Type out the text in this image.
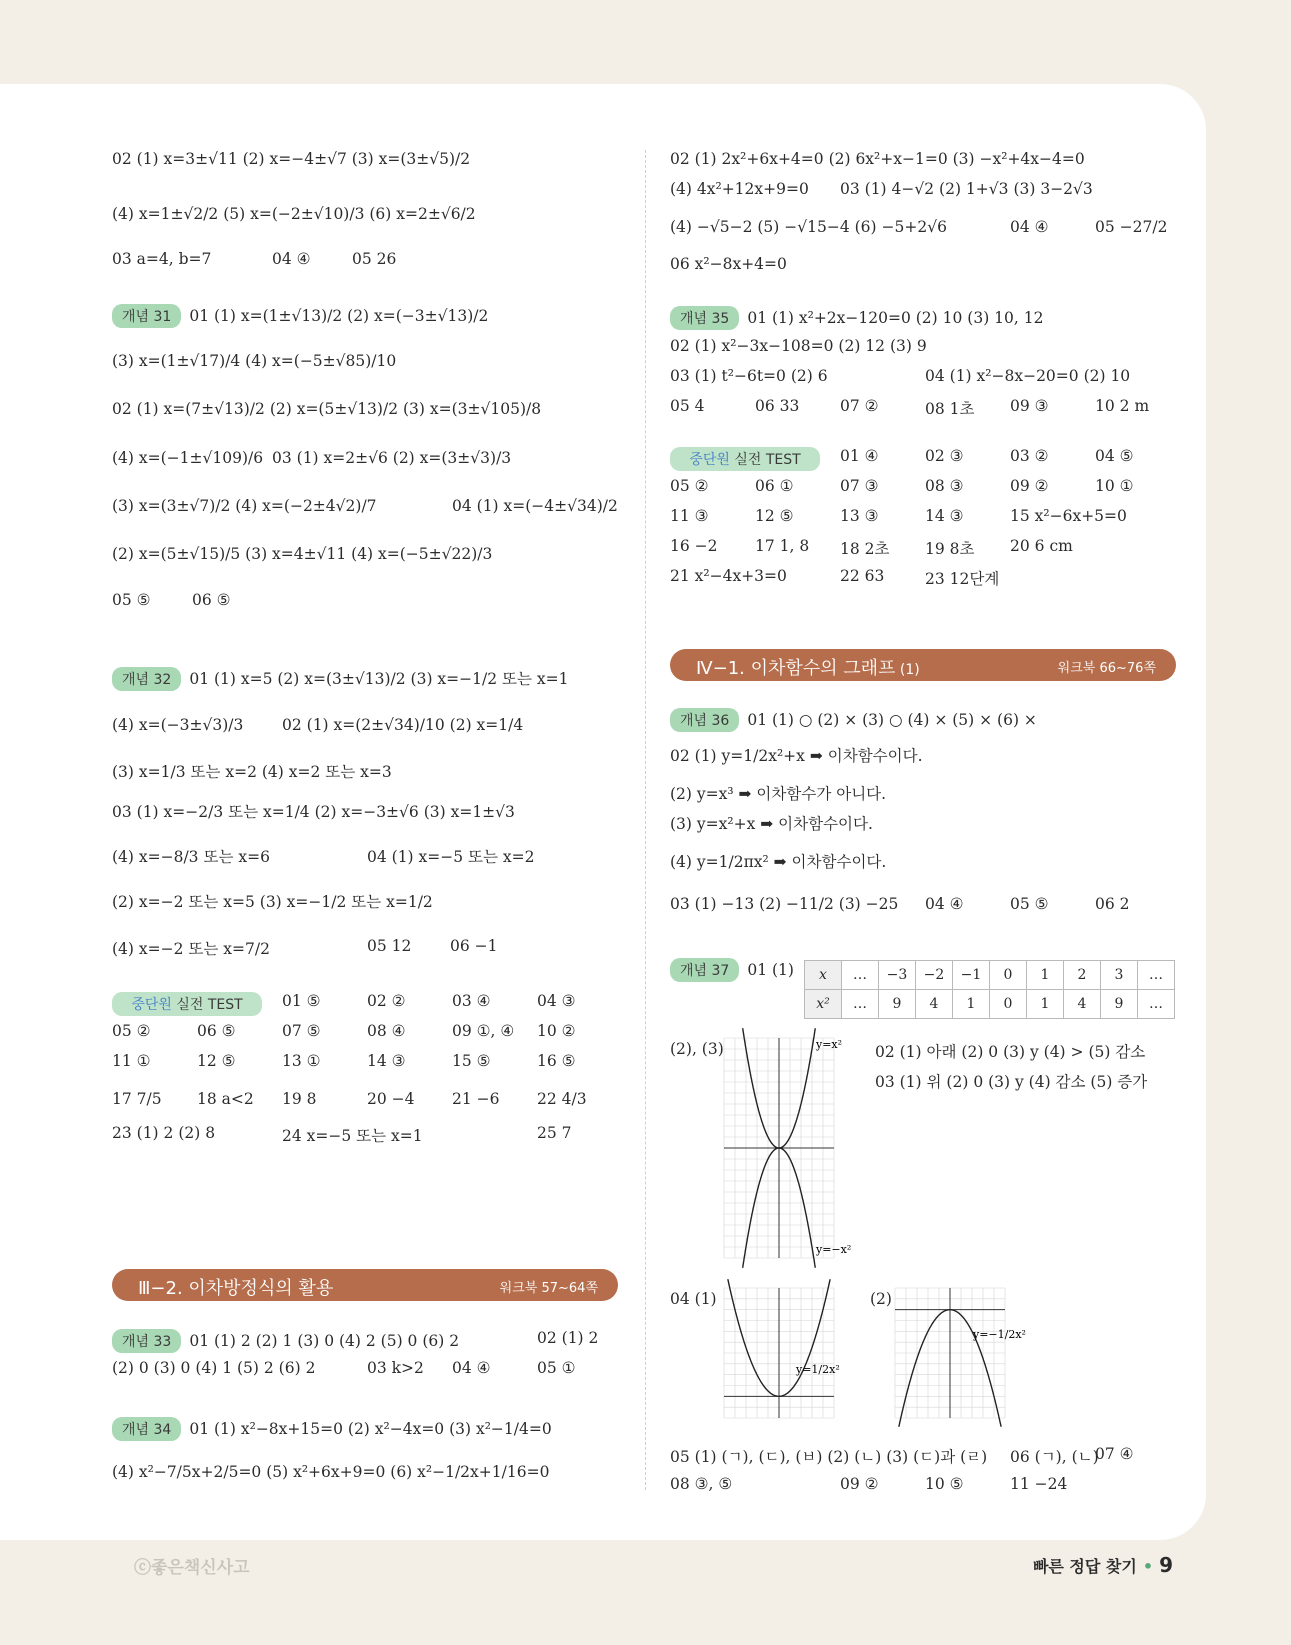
02 (1) x=3±√11 (2) x=−4±√7 (3) x=(3±√5)/2
(4) x=1±√2/2 (5) x=(−2±√10)/3 (6) x=2±√6/2
03 a=4, b=7	04 ④	05 26
개념 31 01 (1) x=(1±√13)/2 (2) x=(−3±√13)/2
(3) x=(1±√17)/4 (4) x=(−5±√85)/10
02 (1) x=(7±√13)/2 (2) x=(5±√13)/2 (3) x=(3±√105)/8
(4) x=(−1±√109)/6 03 (1) x=2±√6 (2) x=(3±√3)/3
(3) x=(3±√7)/2 (4) x=(−2±4√2)/7	04 (1) x=(−4±√34)/2
(2) x=(5±√15)/5 (3) x=4±√11 (4) x=(−5±√22)/3
05 ⑤	06 ⑤
개념 32 01 (1) x=5 (2) x=(3±√13)/2 (3) x=−1/2 또는 x=1
(4) x=(−3±√3)/3 02 (1) x=(2±√34)/10 (2) x=1/4
(3) x=1/3 또는 x=2 (4) x=2 또는 x=3
03 (1) x=−2/3 또는 x=1/4 (2) x=−3±√6 (3) x=1±√3
(4) x=−8/3 또는 x=6	04 (1) x=−5 또는 x=2
(2) x=−2 또는 x=5 (3) x=−1/2 또는 x=1/2
(4) x=−2 또는 x=7/2	05 12 06 −1
중단원 실전 TEST	01 ⑤	02 ②	03 ④	04 ③
05 ②	06 ⑤	07 ⑤	08 ④	09 ①, ④ 10 ②
11 ①	12 ⑤	13 ①	14 ③	15 ⑤	16 ⑤
17 7/5 18 a<2 19 8	20 −4 21 −6 22 4/3
23 (1) 2 (2) 8	24 x=−5 또는 x=1	25 7
Ⅲ−2. 이차방정식의 활용	워크북 57~64쪽
개념 33 01 (1) 2 (2) 1 (3) 0 (4) 2 (5) 0 (6) 2	02 (1) 2
(2) 0 (3) 0 (4) 1 (5) 2 (6) 2	03 k>2 04 ④	05 ①
개념 34 01 (1) x²−8x+15=0 (2) x²−4x=0 (3) x²−1/4=0
(4) x²−7/5x+2/5=0 (5) x²+6x+9=0 (6) x²−1/2x+1/16=0
02 (1) 2x²+6x+4=0 (2) 6x²+x−1=0 (3) −x²+4x−4=0
(4) 4x²+12x+9=0 03 (1) 4−√2 (2) 1+√3 (3) 3−2√3
(4) −√5−2 (5) −√15−4 (6) −5+2√6	04 ④	05 −27/2
06 x²−8x+4=0
개념 35 01 (1) x²+2x−120=0 (2) 10 (3) 10, 12
02 (1) x²−3x−108=0 (2) 12 (3) 9
03 (1) t²−6t=0 (2) 6	04 (1) x²−8x−20=0 (2) 10
05 4	06 33	07 ②	08 1초 09 ③	10 2 m
중단원 실전 TEST	01 ④	02 ③	03 ②	04 ⑤
05 ②	06 ①	07 ③	08 ③	09 ②	10 ①
11 ③	12 ⑤	13 ③	14 ③	15 x²−6x+5=0
16 −2 17 1, 8 18 2초 19 8초 20 6 cm
21 x²−4x+3=0	22 63	23 12단계
Ⅳ−1. 이차함수의 그래프 (1)	워크북 66~76쪽
개념 36 01 (1) ○ (2) × (3) ○ (4) × (5) × (6) ×
02 (1) y=1/2x²+x ➡ 이차함수이다.
(2) y=x³ ➡ 이차함수가 아니다.
(3) y=x²+x ➡ 이차함수이다.
(4) y=1/2πx² ➡ 이차함수이다.
03 (1) −13 (2) −11/2 (3) −25 04 ④	05 ⑤	06 2
개념 37 01 (1) x	…	−3	−2	−1	0	1	2	3	…
x²	…	9	4	1	0	1	4	9	…
(2), (3)	y=x²
y=−x²
02 (1) 아래 (2) 0 (3) y (4) > (5) 감소
03 (1) 위 (2) 0 (3) y (4) 감소 (5) 증가
04 (1)
y=1/2x²
(2)
y=−1/2x²
05 (1) (ㄱ), (ㄷ), (ㅂ) (2) (ㄴ) (3) (ㄷ)과 (ㄹ) 06 (ㄱ), (ㄴ)
07 ④
08 ③, ⑤	09 ②	10 ⑤	11 −24
ⓒ좋은책신사고	빠른 정답 찾기 • 9
